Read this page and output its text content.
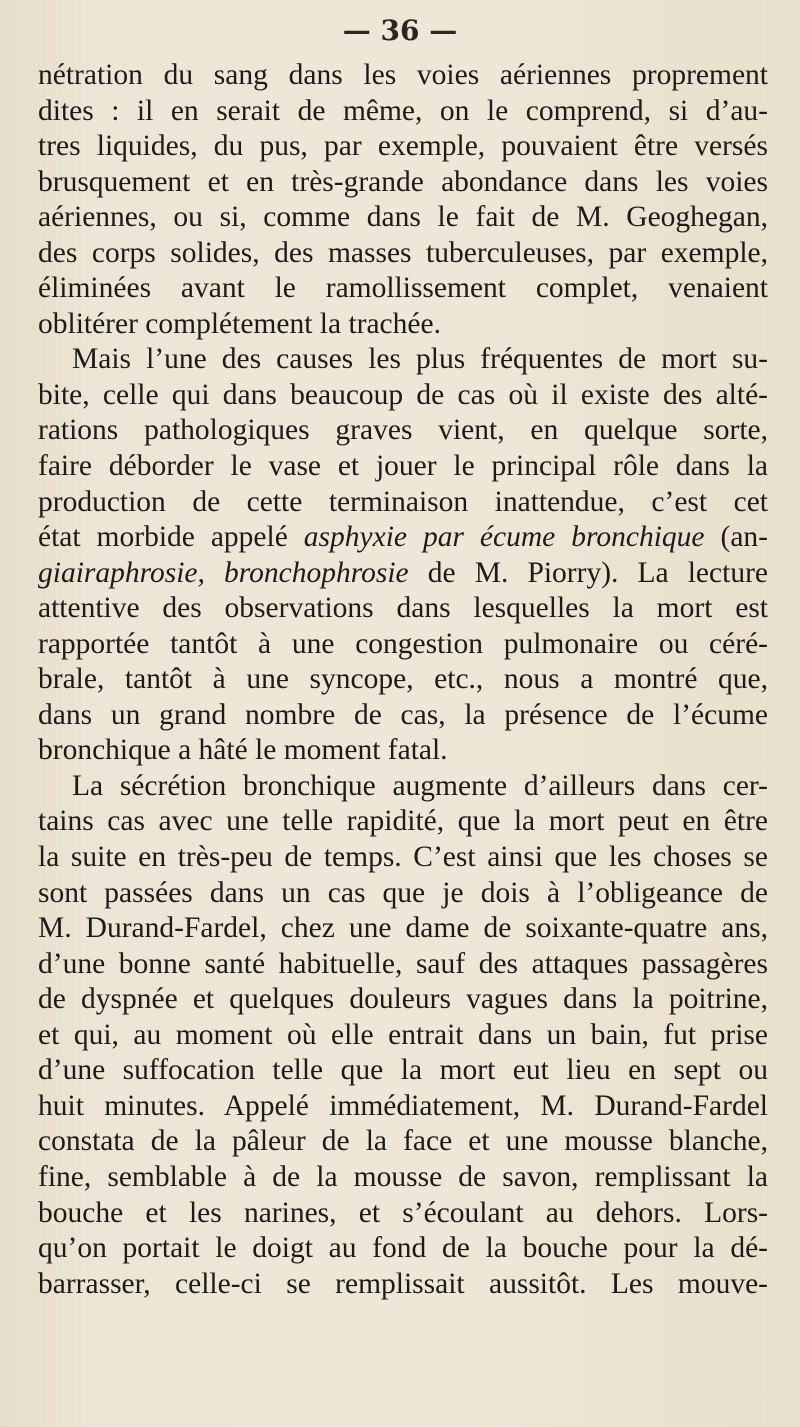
— 36 —
nétration du sang dans les voies aériennes proprement
dites : il en serait de même, on le comprend, si d’au-
tres liquides, du pus, par exemple, pouvaient être versés
brusquement et en très-grande abondance dans les voies
aériennes, ou si, comme dans le fait de M. Geoghegan,
des corps solides, des masses tuberculeuses, par exemple,
éliminées avant le ramollissement complet, venaient
oblitérer complétement la trachée.
Mais l’une des causes les plus fréquentes de mort su-
bite, celle qui dans beaucoup de cas où il existe des alté-
rations pathologiques graves vient, en quelque sorte,
faire déborder le vase et jouer le principal rôle dans la
production de cette terminaison inattendue, c’est cet
état morbide appelé asphyxie par écume bronchique (an-
giairaphrosie, bronchophrosie de M. Piorry). La lecture
attentive des observations dans lesquelles la mort est
rapportée tantôt à une congestion pulmonaire ou céré-
brale, tantôt à une syncope, etc., nous a montré que,
dans un grand nombre de cas, la présence de l’écume
bronchique a hâté le moment fatal.
La sécrétion bronchique augmente d’ailleurs dans cer-
tains cas avec une telle rapidité, que la mort peut en être
la suite en très-peu de temps. C’est ainsi que les choses se
sont passées dans un cas que je dois à l’obligeance de
M. Durand-Fardel, chez une dame de soixante-quatre ans,
d’une bonne santé habituelle, sauf des attaques passagères
de dyspnée et quelques douleurs vagues dans la poitrine,
et qui, au moment où elle entrait dans un bain, fut prise
d’une suffocation telle que la mort eut lieu en sept ou
huit minutes. Appelé immédiatement, M. Durand-Fardel
constata de la pâleur de la face et une mousse blanche,
fine, semblable à de la mousse de savon, remplissant la
bouche et les narines, et s’écoulant au dehors. Lors-
qu’on portait le doigt au fond de la bouche pour la dé-
barrasser, celle-ci se remplissait aussitôt. Les mouve-
